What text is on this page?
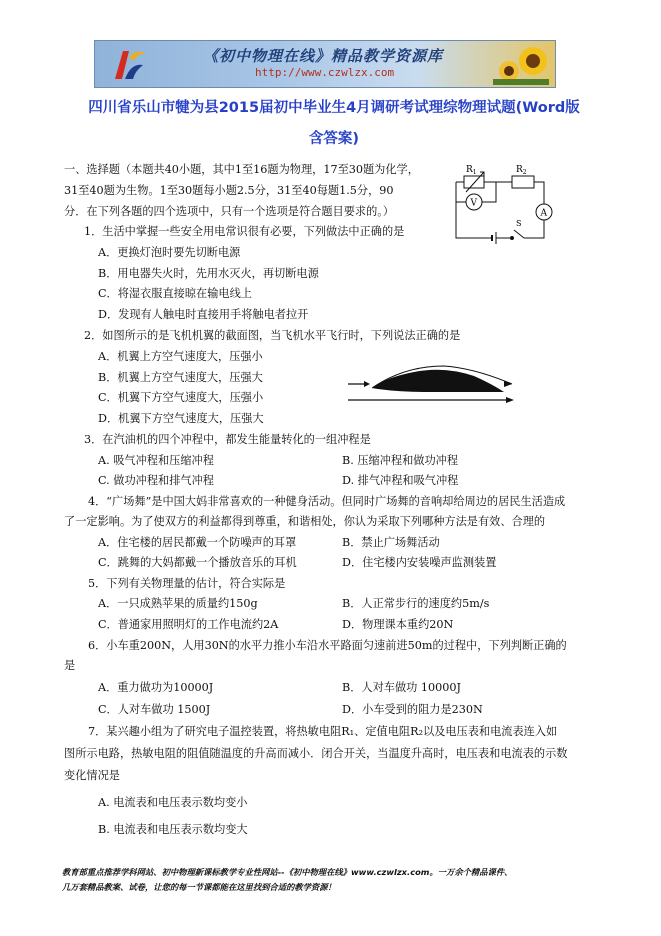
《初中物理在线》精品教学资源库
http://www.czwlzx.com
四川省乐山市犍为县2015届初中毕业生4月调研考试理综物理试题(Word版
含答案)
一、选择题（本题共40小题，其中1至16题为物理，17至30题为化学，
31至40题为生物。1至30题每小题2.5分，31至40每题1.5分，90
分．在下列各题的四个选项中，只有一个选项是符合题目要求的。）
$R_1$	$R_2$
V
A
S
1．生活中掌握一些安全用电常识很有必要，下列做法中正确的是
A．更换灯泡时要先切断电源
B．用电器失火时，先用水灭火，再切断电源
C．将湿衣服直接晾在输电线上
D．发现有人触电时直接用手将触电者拉开
2．如图所示的是飞机机翼的截面图，当飞机水平飞行时，下列说法正确的是
A．机翼上方空气速度大，压强小
B．机翼上方空气速度大，压强大
C．机翼下方空气速度大，压强小
D．机翼下方空气速度大，压强大
3．在汽油机的四个冲程中，都发生能量转化的一组冲程是
A. 吸气冲程和压缩冲程	B. 压缩冲程和做功冲程
C. 做功冲程和排气冲程	D. 排气冲程和吸气冲程
4．“广场舞”是中国大妈非常喜欢的一种健身活动。但同时广场舞的音响却给周边的居民生活造成
了一定影响。为了使双方的利益都得到尊重，和谐相处，你认为采取下列哪种方法是有效、合理的
A．住宅楼的居民都戴一个防噪声的耳罩	B．禁止广场舞活动
C．跳舞的大妈都戴一个播放音乐的耳机	D．住宅楼内安装噪声监测装置
5．下列有关物理量的估计，符合实际是
A．一只成熟苹果的质量约150g	B．人正常步行的速度约5m/s
C．普通家用照明灯的工作电流约2A	D．物理课本重约20N
6．小车重200N，人用30N的水平力推小车沿水平路面匀速前进50m的过程中，下列判断正确的
是
A．重力做功为10000J	B．人对车做功 10000J
C．人对车做功 1500J	D．小车受到的阻力是230N
7．某兴趣小组为了研究电子温控装置，将热敏电阻R₁、定值电阻R₂以及电压表和电流表连入如
图所示电路，热敏电阻的阻值随温度的升高而减小．闭合开关，当温度升高时，电压表和电流表的示数
变化情况是
A. 电流表和电压表示数均变小
B. 电流表和电压表示数均变大
教育部重点推荐学科网站、初中物理新课标教学专业性网站--《初中物理在线》www.czwlzx.com。一万余个精品课件、
几万套精品教案、试卷，让您的每一节课都能在这里找到合适的教学资源！
